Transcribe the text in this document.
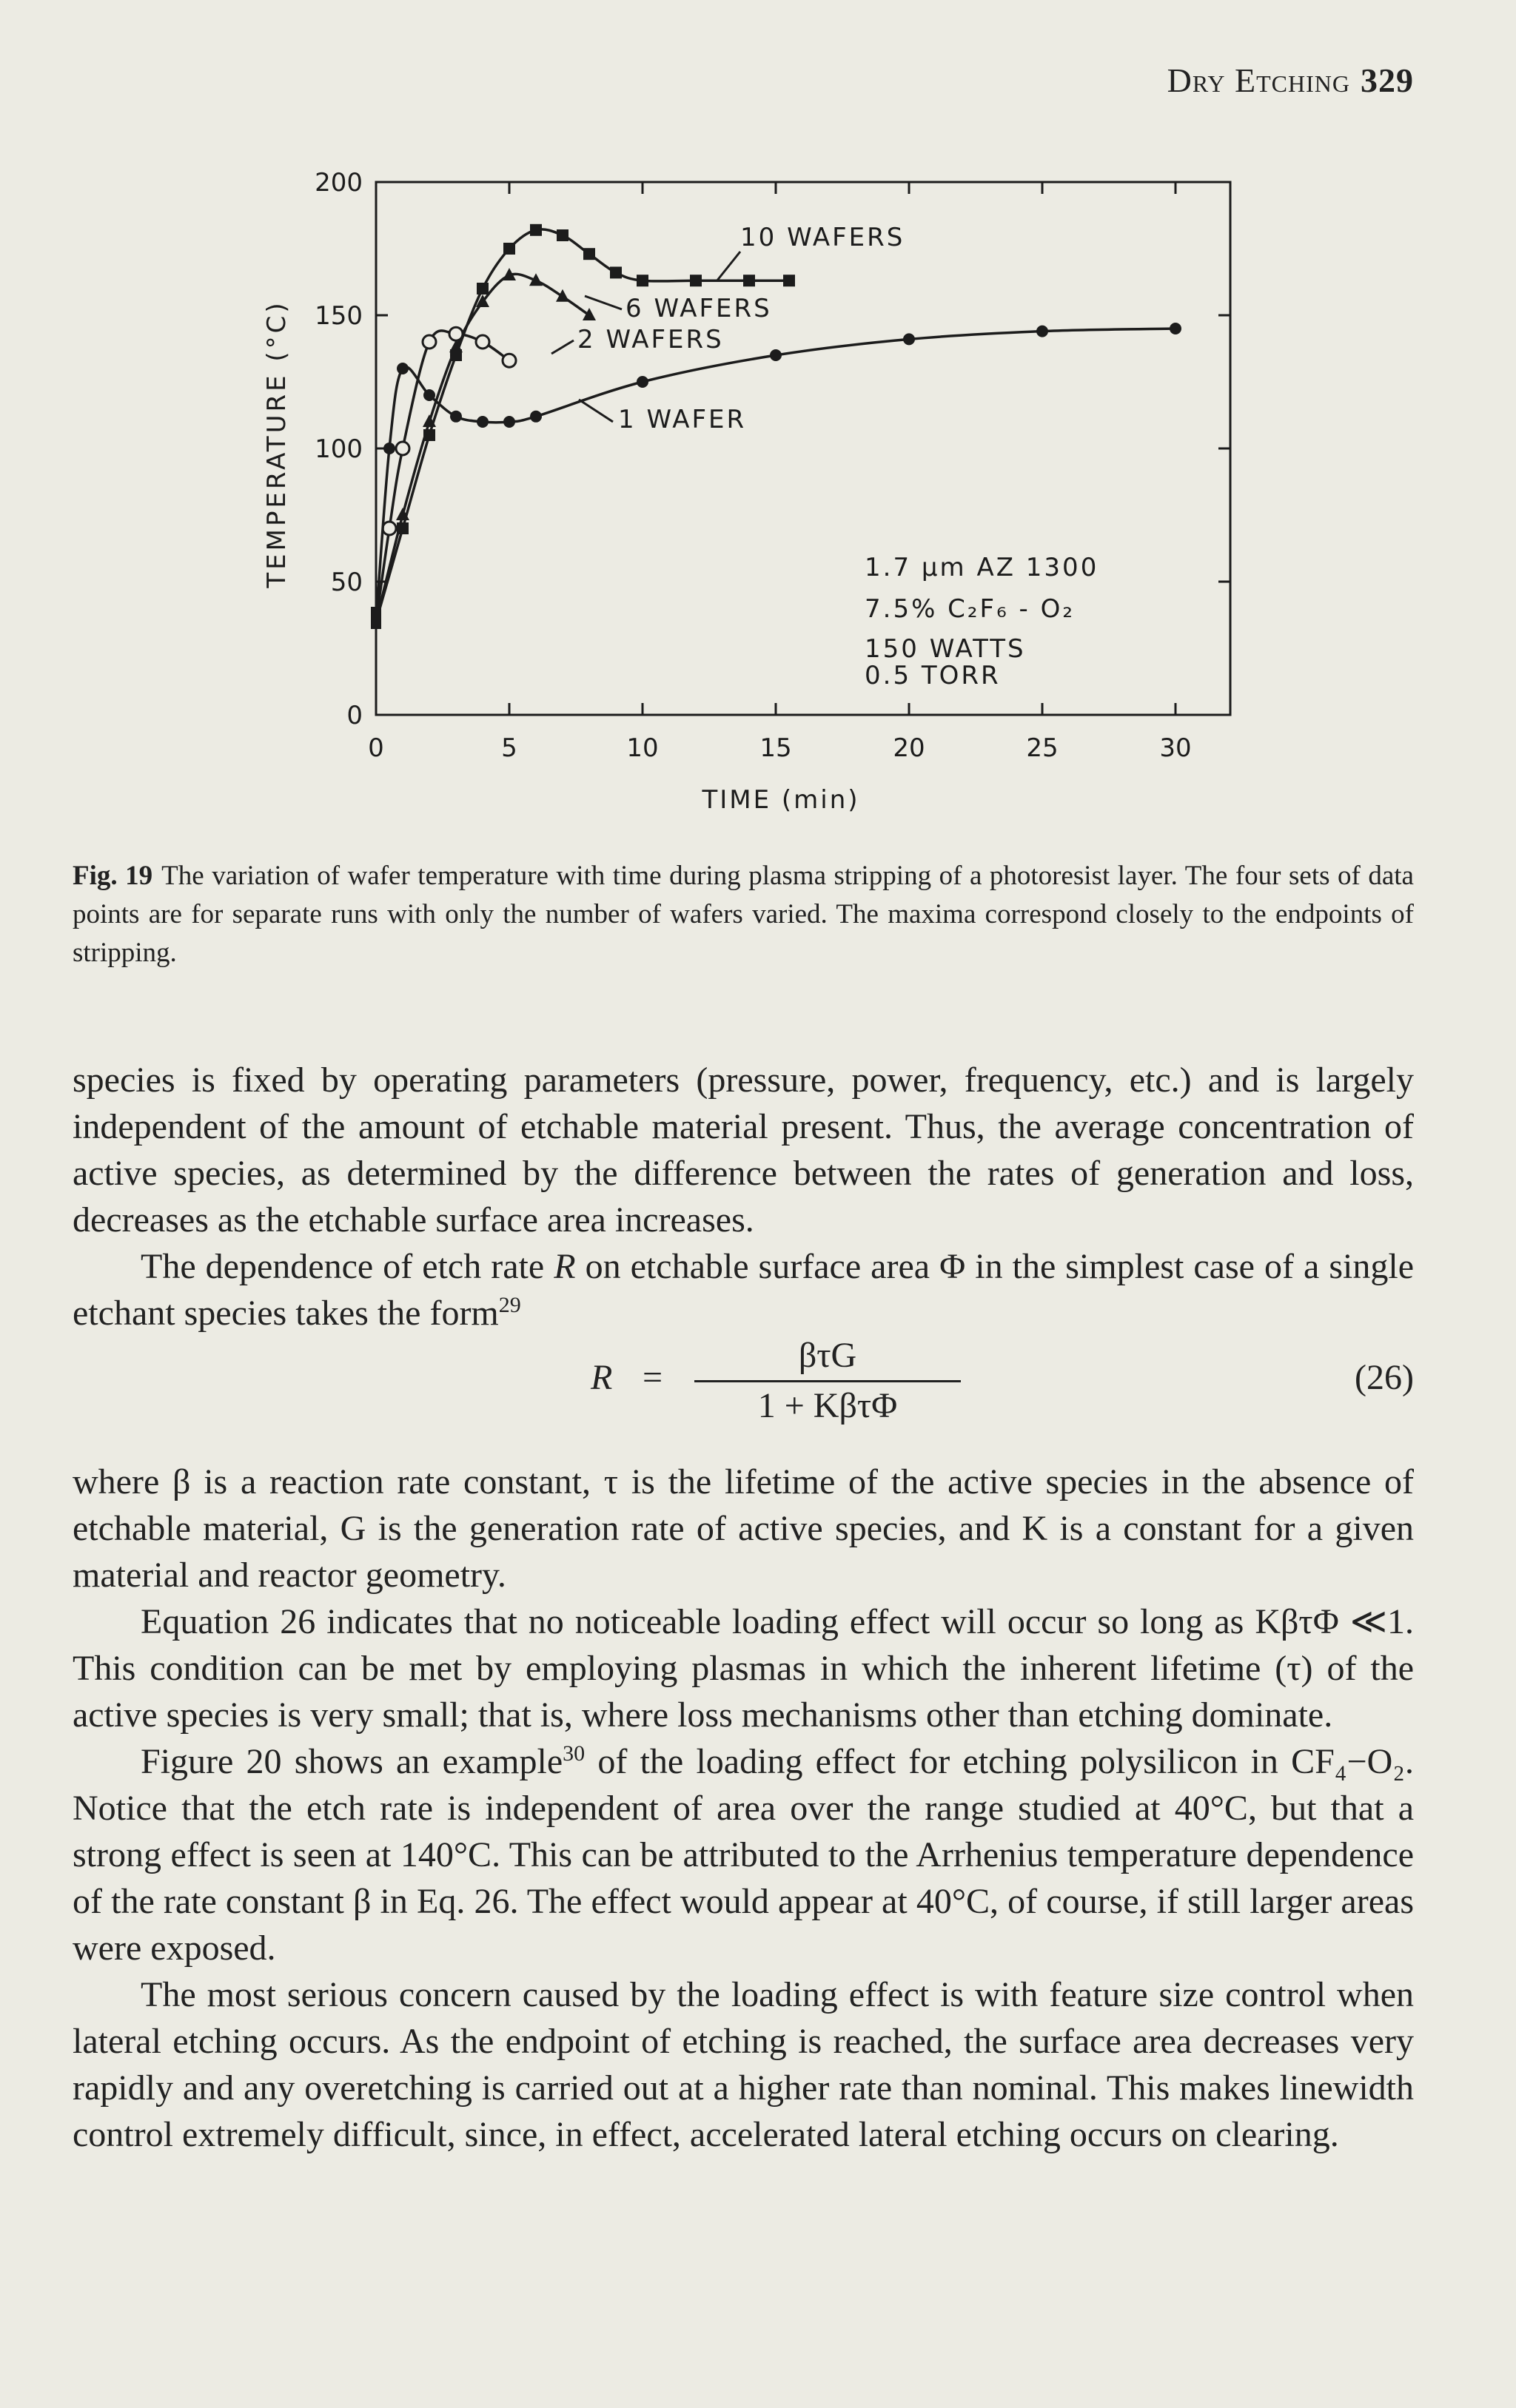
Dry Etching 329
0	5	10	15	20	25	30
0
50
100
150
200
TIME (min)
TEMPERATURE (°C)
10 WAFERS
6 WAFERS
2 WAFERS
1 WAFER
1.7 µm AZ 1300
7.5% C₂F₆ - O₂
150 WATTS
0.5 TORR
Fig. 19 The variation of wafer temperature with time during plasma stripping of a photoresist layer. The four sets of data points are for separate runs with only the number of wafers varied. The maxima correspond closely to the endpoints of stripping.

species is fixed by operating parameters (pressure, power, frequency, etc.) and is largely independent of the amount of etchable material present. Thus, the average concentration of active species, as determined by the difference between the rates of generation and loss, decreases as the etchable surface area increases.

The dependence of etch rate R on etchable surface area Φ in the simplest case of a single etchant species takes the form$^{29}$

R =
βτG
1 + KβτΦ
(26)

where β is a reaction rate constant, τ is the lifetime of the active species in the absence of etchable material, G is the generation rate of active species, and K is a constant for a given material and reactor geometry.

Equation 26 indicates that no noticeable loading effect will occur so long as KβτΦ ≪1. This condition can be met by employing plasmas in which the inherent lifetime (τ) of the active species is very small; that is, where loss mechanisms other than etching dominate.

Figure 20 shows an example$^{30}$ of the loading effect for etching polysilicon in CF₄−O₂. Notice that the etch rate is independent of area over the range studied at 40°C, but that a strong effect is seen at 140°C. This can be attributed to the Arrhenius temperature dependence of the rate constant β in Eq. 26. The effect would appear at 40°C, of course, if still larger areas were exposed.

The most serious concern caused by the loading effect is with feature size control when lateral etching occurs. As the endpoint of etching is reached, the surface area decreases very rapidly and any overetching is carried out at a higher rate than nominal. This makes linewidth control extremely difficult, since, in effect, accelerated lateral etching occurs on clearing.
